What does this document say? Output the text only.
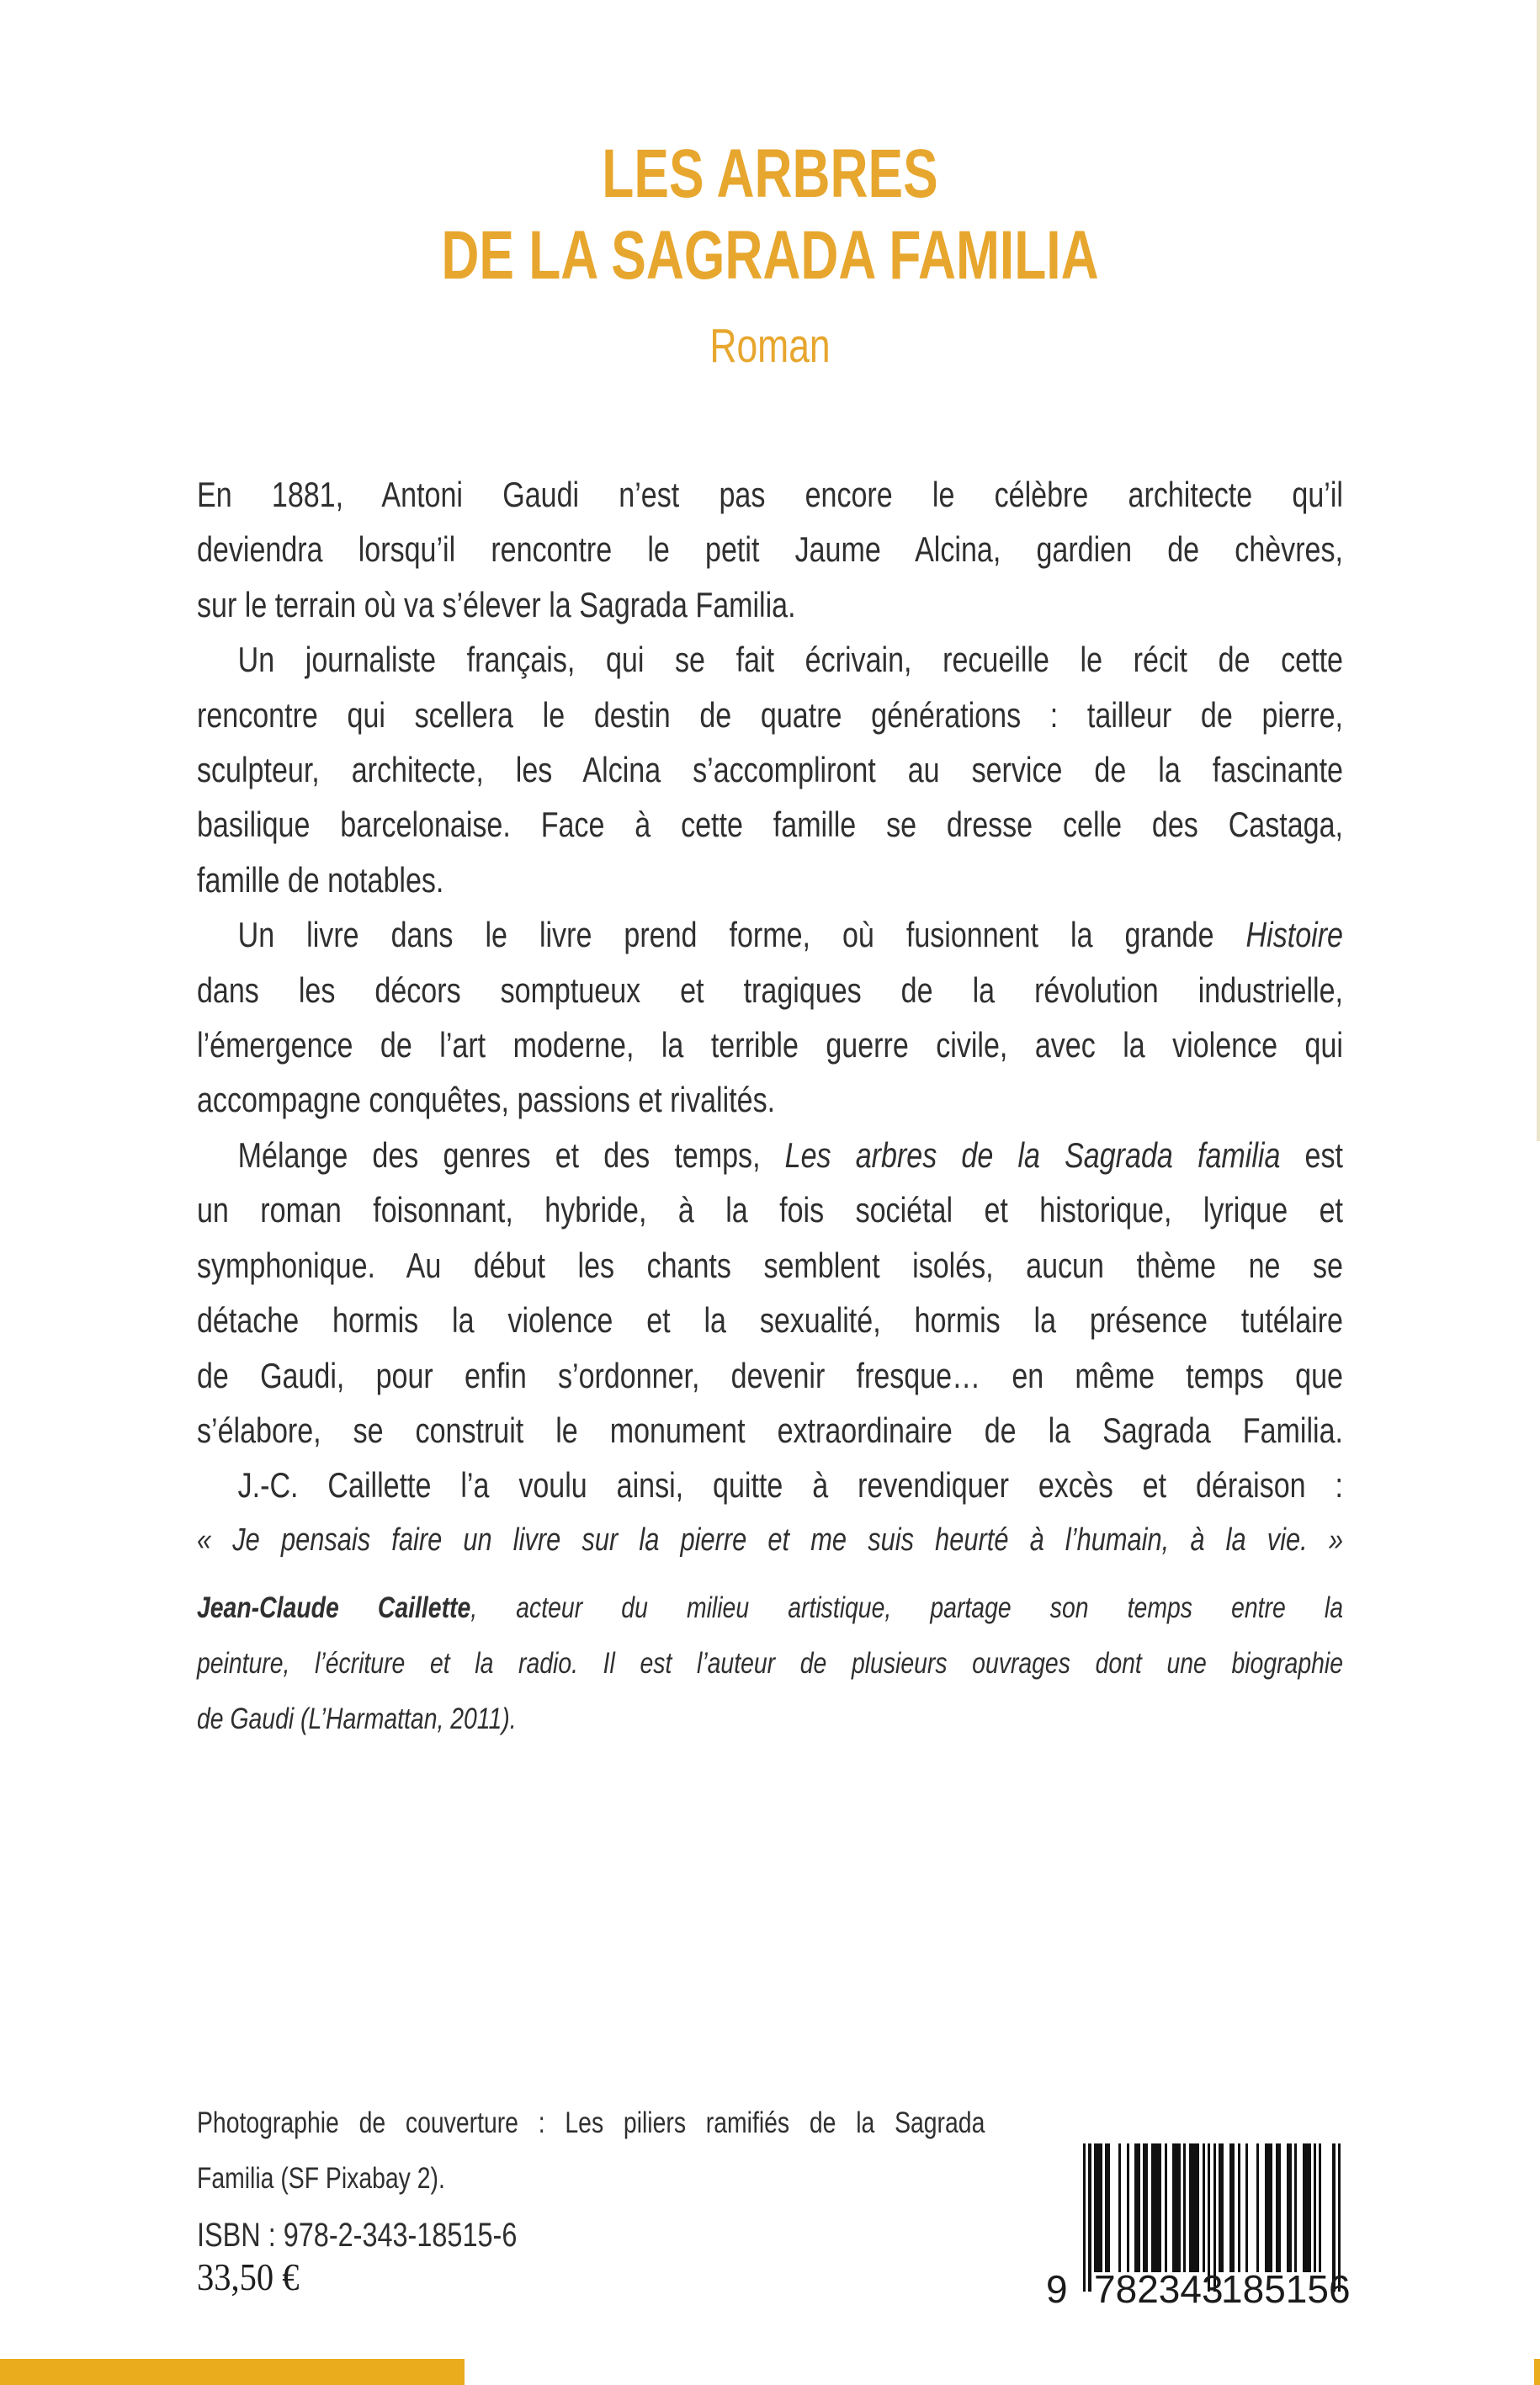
LES ARBRES
DE LA SAGRADA FAMILIA
Roman
En 1881, Antoni Gaudi n’est pas encore le célèbre architecte qu’il
deviendra lorsqu’il rencontre le petit Jaume Alcina, gardien de chèvres,
sur le terrain où va s’élever la Sagrada Familia.
Un journaliste français, qui se fait écrivain, recueille le récit de cette
rencontre qui scellera le destin de quatre générations : tailleur de pierre,
sculpteur, architecte, les Alcina s’accompliront au service de la fascinante
basilique barcelonaise. Face à cette famille se dresse celle des Castaga,
famille de notables.
Un livre dans le livre prend forme, où fusionnent la grande Histoire
dans les décors somptueux et tragiques de la révolution industrielle,
l’émergence de l’art moderne, la terrible guerre civile, avec la violence qui
accompagne conquêtes, passions et rivalités.
Mélange des genres et des temps, Les arbres de la Sagrada familia est
un roman foisonnant, hybride, à la fois sociétal et historique, lyrique et
symphonique. Au début les chants semblent isolés, aucun thème ne se
détache hormis la violence et la sexualité, hormis la présence tutélaire
de Gaudi, pour enfin s’ordonner, devenir fresque… en même temps que
s’élabore, se construit le monument extraordinaire de la Sagrada Familia.
J.-C. Caillette l’a voulu ainsi, quitte à revendiquer excès et déraison :
« Je pensais faire un livre sur la pierre et me suis heurté à l’humain, à la vie. »
Jean-Claude Caillette, acteur du milieu artistique, partage son temps entre la
peinture, l’écriture et la radio. Il est l’auteur de plusieurs ouvrages dont une biographie
de Gaudi (L’Harmattan, 2011).
Photographie de couverture : Les piliers ramifiés de la Sagrada
Familia (SF Pixabay 2).
ISBN : 978-2-343-18515-6
33,50 €	9 7 8 2 3 4 3
1 8 5 1 5 6
